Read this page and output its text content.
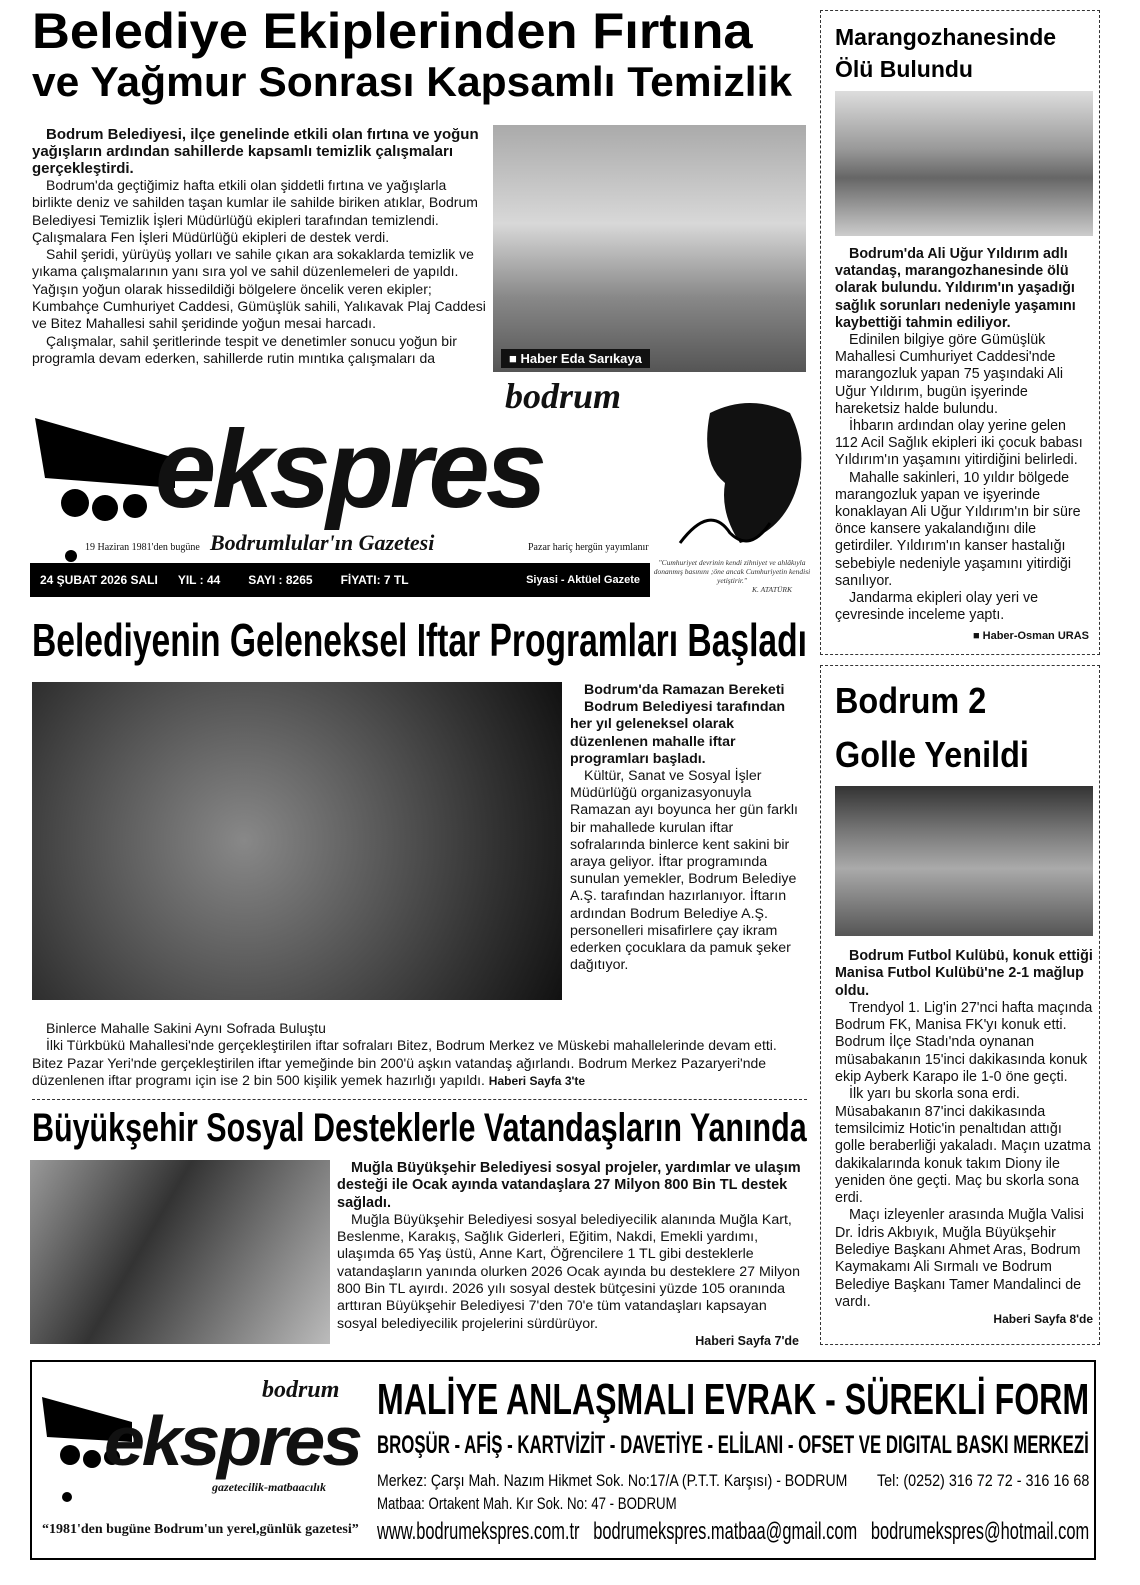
Belediye Ekiplerinden Fırtına
ve Yağmur Sonrası Kapsamlı Temizlik

Bodrum Belediyesi, ilçe genelinde etkili olan fırtına ve yoğun yağışların ardından sahillerde kapsamlı temizlik çalışmaları gerçekleştirdi.

Bodrum'da geçtiğimiz hafta etkili olan şiddetli fırtına ve yağışlarla birlikte deniz ve sahilden taşan kumlar ile sahilde biriken atıklar, Bodrum Belediyesi Temizlik İşleri Müdürlüğü ekipleri tarafından temizlendi. Çalışmalara Fen İşleri Müdürlüğü ekipleri de destek verdi.

Sahil şeridi, yürüyüş yolları ve sahile çıkan ara sokaklarda temizlik ve yıkama çalışmalarının yanı sıra yol ve sahil düzenlemeleri de yapıldı. Yağışın yoğun olarak hissedildiği bölgelere öncelik veren ekipler; Kumbahçe Cumhuriyet Caddesi, Gümüşlük sahili, Yalıkavak Plaj Caddesi ve Bitez Mahallesi sahil şeridinde yoğun mesai harcadı.

Çalışmalar, sahil şeritlerinde tespit ve denetimler sonucu yoğun bir programla devam ederken, sahillerde rutin mıntıka çalışmaları da	■ Haber Eda Sarıkaya
bodrum
ekspres
19 Haziran 1981'den bugüne Bodrumlular'ın Gazetesi	Pazar hariç hergün yayımlanır
24 ŞUBAT 2026 SALI YIL : 44 SAYI : 8265 FİYATI: 7 TL	Siyasi - Aktüel Gazete
"Cumhuriyet devrinin kendi zihniyet ve ahlâkıyla donanmış basınını ;öne ancak Cumhuriyetin kendisi yetiştirir."
K. ATATÜRK
Marangozhanesinde Ölü Bulundu

Bodrum'da Ali Uğur Yıldırım adlı vatandaş, marangozhanesinde ölü olarak bulundu. Yıldırım'ın yaşadığı sağlık sorunları nedeniyle yaşamını kaybettiği tahmin ediliyor.

Edinilen bilgiye göre Gümüşlük Mahallesi Cumhuriyet Caddesi'nde marangozluk yapan 75 yaşındaki Ali Uğur Yıldırım, bugün işyerinde hareketsiz halde bulundu.

İhbarın ardından olay yerine gelen 112 Acil Sağlık ekipleri iki çocuk babası Yıldırım'ın yaşamını yitirdiğini belirledi.

Mahalle sakinleri, 10 yıldır bölgede marangozluk yapan ve işyerinde konaklayan Ali Uğur Yıldırım'ın bir süre önce kansere yakalandığını dile getirdiler. Yıldırım'ın kanser hastalığı sebebiyle nedeniyle yaşamını yitirdiği sanılıyor.

Jandarma ekipleri olay yeri ve çevresinde inceleme yaptı.

■ Haber-Osman URAS
Bodrum 2 Golle Yenildi

Bodrum Futbol Kulübü, konuk ettiği Manisa Futbol Kulübü'ne 2-1 mağlup oldu.

Trendyol 1. Lig'in 27'nci hafta maçında Bodrum FK, Manisa FK'yı konuk etti. Bodrum İlçe Stadı'nda oynanan müsabakanın 15'inci dakikasında konuk ekip Ayberk Karapo ile 1-0 öne geçti.

İlk yarı bu skorla sona erdi. Müsabakanın 87'inci dakikasında temsilcimiz Hotic'in penaltıdan attığı golle beraberliği yakaladı. Maçın uzatma dakikalarında konuk takım Diony ile yeniden öne geçti. Maç bu skorla sona erdi.

Maçı izleyenler arasında Muğla Valisi Dr. İdris Akbıyık, Muğla Büyükşehir Belediye Başkanı Ahmet Aras, Bodrum Kaymakamı Ali Sırmalı ve Bodrum Belediye Başkanı Tamer Mandalinci de vardı.

Haberi Sayfa 8'de
Belediyenin Geleneksel Iftar Programları Başladı

Bodrum'da Ramazan Bereketi

Bodrum Belediyesi tarafından her yıl geleneksel olarak düzenlenen mahalle iftar programları başladı.

Kültür, Sanat ve Sosyal İşler Müdürlüğü organizasyonuyla Ramazan ayı boyunca her gün farklı bir mahallede kurulan iftar sofralarında binlerce kent sakini bir araya geliyor. İftar programında sunulan yemekler, Bodrum Belediye A.Ş. tarafından hazırlanıyor. İftarın ardından Bodrum Belediye A.Ş. personelleri misafirlere çay ikram ederken çocuklara da pamuk şeker dağıtıyor.

Binlerce Mahalle Sakini Aynı Sofrada Buluştu

İlki Türkbükü Mahallesi'nde gerçekleştirilen iftar sofraları Bitez, Bodrum Merkez ve Müskebi mahallelerinde devam etti. Bitez Pazar Yeri'nde gerçekleştirilen iftar yemeğinde bin 200'ü aşkın vatandaş ağırlandı. Bodrum Merkez Pazaryeri'nde düzenlenen iftar programı için ise 2 bin 500 kişilik yemek hazırlığı yapıldı. Haberi Sayfa 3'te

Büyükşehir Sosyal Desteklerle Vatandaşların Yanında

Muğla Büyükşehir Belediyesi sosyal projeler, yardımlar ve ulaşım desteği ile Ocak ayında vatandaşlara 27 Milyon 800 Bin TL destek sağladı.

Muğla Büyükşehir Belediyesi sosyal belediyecilik alanında Muğla Kart, Beslenme, Karakış, Sağlık Giderleri, Eğitim, Nakdi, Emekli yardımı, ulaşımda 65 Yaş üstü, Anne Kart, Öğrencilere 1 TL gibi desteklerle vatandaşların yanında olurken 2026 Ocak ayında bu desteklere 27 Milyon 800 Bin TL ayırdı. 2026 yılı sosyal destek bütçesini yüzde 105 oranında arttıran Büyükşehir Belediyesi 7'den 70'e tüm vatandaşları kapsayan sosyal belediyecilik projelerini sürdürüyor.

Haberi Sayfa 7'de
bodrum
ekspres
gazetecilik-matbaacılık
“1981'den bugüne Bodrum'un yerel,günlük gazetesi”
MALİYE ANLAŞMALI EVRAK - SÜREKLİ FORM
BROŞÜR - AFİŞ - KARTVİZİT - DAVETİYE - ELİLANI - OFSET VE DIGITAL BASKI MERKEZİ
Merkez: Çarşı Mah. Nazım Hikmet Sok. No:17/A (P.T.T. Karşısı) - BODRUM	Tel: (0252) 316 72 72 - 316 16 68
Matbaa: Ortakent Mah. Kır Sok. No: 47 - BODRUM
www.bodrumekspres.com.tr bodrumekspres.matbaa@gmail.com bodrumekspres@hotmail.com
